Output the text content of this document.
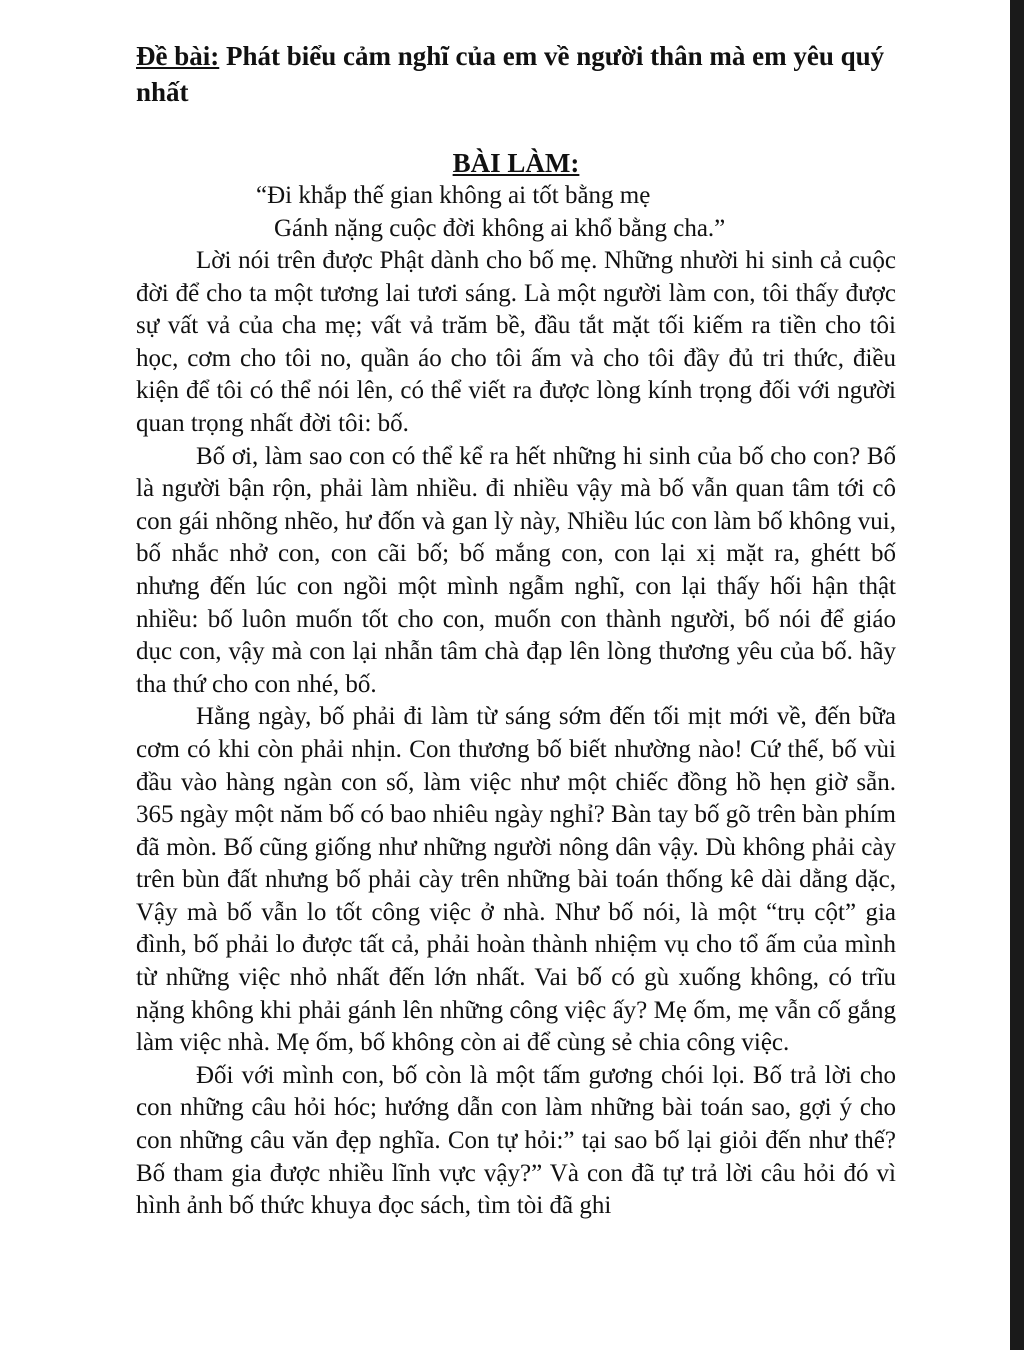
Đề bài: Phát biểu cảm nghĩ của em về người thân mà em yêu quý nhất

BÀI LÀM:

“Đi khắp thế gian không ai tốt bằng mẹ

Gánh nặng cuộc đời không ai khổ bằng cha.”

Lời nói trên được Phật dành cho bố mẹ. Những nhười hi sinh cả cuộc đời để cho ta một tương lai tươi sáng. Là một người làm con, tôi thấy được sự vất vả của cha mẹ; vất vả trăm bề, đầu tắt mặt tối kiếm ra tiền cho tôi học, cơm cho tôi no, quần áo cho tôi ấm và cho tôi đầy đủ tri thức, điều kiện để tôi có thể nói lên, có thể viết ra được lòng kính trọng đối với người quan trọng nhất đời tôi: bố.

Bố ơi, làm sao con có thể kể ra hết những hi sinh của bố cho con? Bố là người bận rộn, phải làm nhiều. đi nhiều vậy mà bố vẫn quan tâm tới cô con gái nhõng nhẽo, hư đốn và gan lỳ này, Nhiều lúc con làm bố không vui, bố nhắc nhở con, con cãi bố; bố mắng con, con lại xị mặt ra, ghétt bố nhưng đến lúc con ngồi một mình ngẫm nghĩ, con lại thấy hối hận thật nhiều: bố luôn muốn tốt cho con, muốn con thành người, bố nói để giáo dục con, vậy mà con lại nhẫn tâm chà đạp lên lòng thương yêu của bố. hãy tha thứ cho con nhé, bố.

Hằng ngày, bố phải đi làm từ sáng sớm đến tối mịt mới về, đến bữa cơm có khi còn phải nhịn. Con thương bố biết nhường nào! Cứ thế, bố vùi đầu vào hàng ngàn con số, làm việc như một chiếc đồng hồ hẹn giờ sẵn. 365 ngày một năm bố có bao nhiêu ngày nghỉ? Bàn tay bố gõ trên bàn phím đã mòn. Bố cũng giống như những người nông dân vậy. Dù không phải cày trên bùn đất nhưng bố phải cày trên những bài toán thống kê dài dằng dặc, Vậy mà bố vẫn lo tốt công việc ở nhà. Như bố nói, là một “trụ cột” gia đình, bố phải lo được tất cả, phải hoàn thành nhiệm vụ cho tổ ấm của mình từ những việc nhỏ nhất đến lớn nhất. Vai bố có gù xuống không, có trĩu nặng không khi phải gánh lên những công việc ấy? Mẹ ốm, mẹ vẫn cố gắng làm việc nhà. Mẹ ốm, bố không còn ai để cùng sẻ chia công việc.

Đối với mình con, bố còn là một tấm gương chói lọi. Bố trả lời cho con những câu hỏi hóc; hướng dẫn con làm những bài toán sao, gợi ý cho con những câu văn đẹp nghĩa. Con tự hỏi:” tại sao bố lại giỏi đến như thế? Bố tham gia được nhiều lĩnh vực vậy?” Và con đã tự trả lời câu hỏi đó vì hình ảnh bố thức khuya đọc sách, tìm tòi đã ghi
